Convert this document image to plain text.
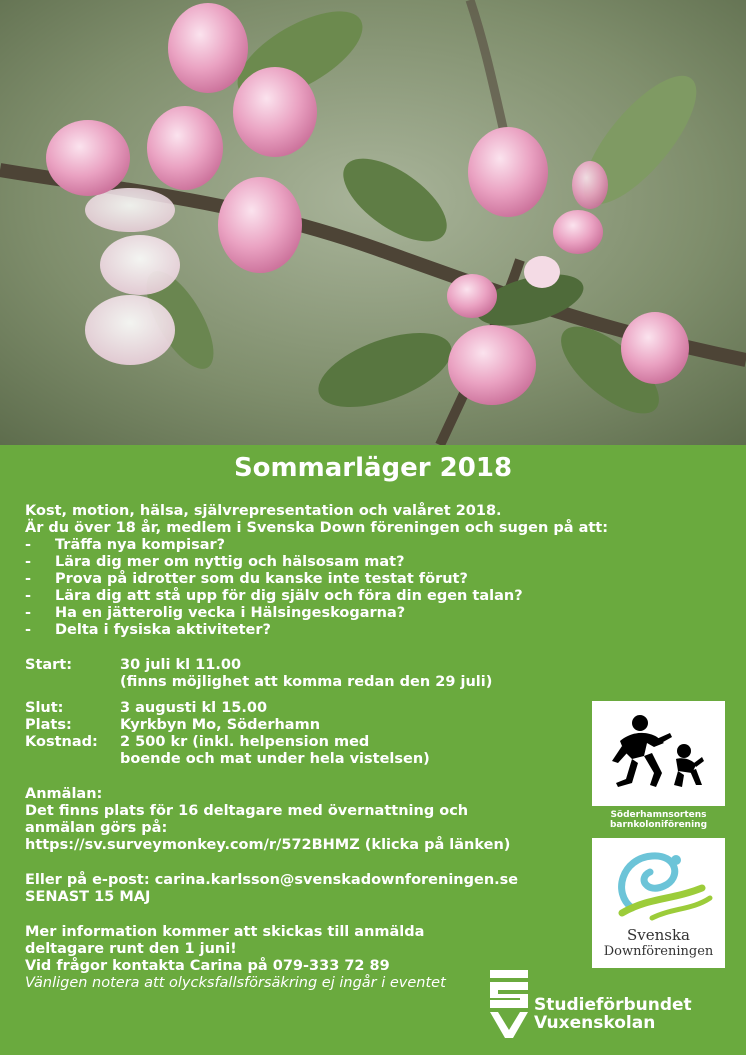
Sommarläger 2018
Kost, motion, hälsa, självrepresentation och valåret 2018.
Är du över 18 år, medlem i Svenska Down föreningen och sugen på att:
-	Träffa nya kompisar?
-	Lära dig mer om nyttig och hälsosam mat?
-	Prova på idrotter som du kanske inte testat förut?
-	Lära dig att stå upp för dig själv och föra din egen talan?
-	Ha en jätterolig vecka i Hälsingeskogarna?
-	Delta i fysiska aktiviteter?
Start:	30 juli kl 11.00
(finns möjlighet att komma redan den 29 juli)
Slut:	3 augusti kl 15.00
Plats:	Kyrkbyn Mo, Söderhamn
Kostnad:	2 500 kr (inkl. helpension med
boende och mat under hela vistelsen)
Anmälan:
Det finns plats för 16 deltagare med övernattning och
anmälan görs på:
https://sv.surveymonkey.com/r/572BHMZ (klicka på länken)
Eller på e-post: carina.karlsson@svenskadownforeningen.se
SENAST 15 MAJ
Mer information kommer att skickas till anmälda
deltagare runt den 1 juni!
Vid frågor kontakta Carina på 079-333 72 89
Vänligen notera att olycksfallsförsäkring ej ingår i eventet
Söderhamnsortens
barnkoloniförening
Svenska
Downföreningen
Studieförbundet
Vuxenskolan
